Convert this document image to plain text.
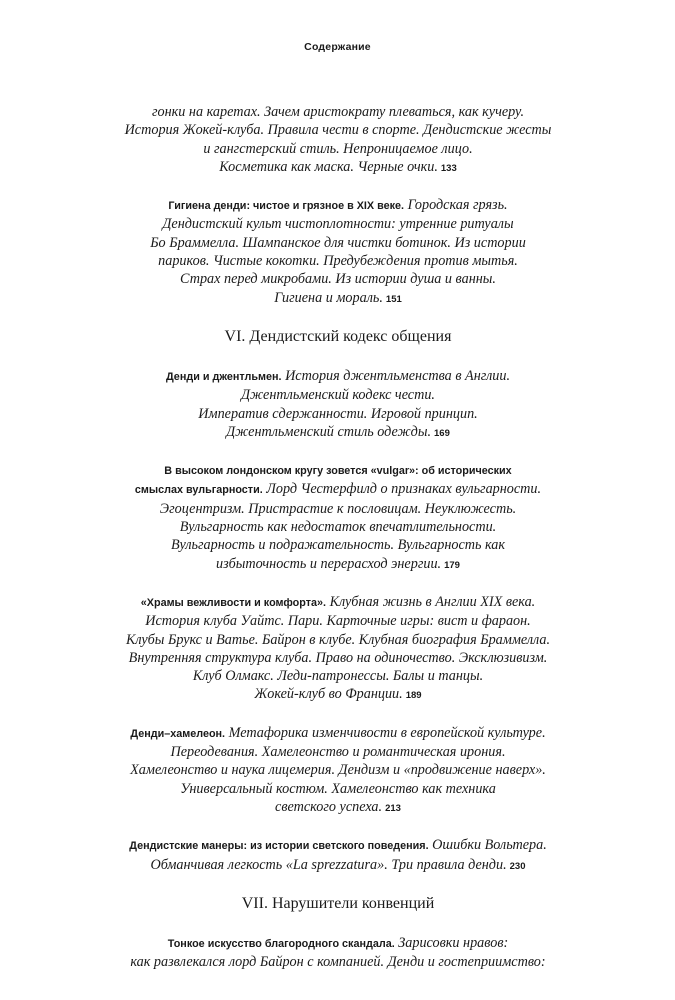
Содержание
гонки на каретах. Зачем аристократу плеваться, как кучеру.
История Жокей-клуба. Правила чести в спорте. Дендистские жесты
и гангстерский стиль. Непроницаемое лицо.
Косметика как маска. Черные очки. 133
Гигиена денди: чистое и грязное в XIX веке. Городская грязь.
Дендистский культ чистоплотности: утренние ритуалы
Бо Браммелла. Шампанское для чистки ботинок. Из истории
париков. Чистые кокотки. Предубеждения против мытья.
Страх перед микробами. Из истории душа и ванны.
Гигиена и мораль. 151
VI. Дендистский кодекс общения
Денди и джентльмен. История джентльменства в Англии.
Джентльменский кодекс чести.
Императив сдержанности. Игровой принцип.
Джентльменский стиль одежды. 169
В высоком лондонском кругу зовется «vulgar»: об исторических
смыслах вульгарности. Лорд Честерфилд о признаках вульгарности.
Эгоцентризм. Пристрастие к пословицам. Неуклюжесть.
Вульгарность как недостаток впечатлительности.
Вульгарность и подражательность. Вульгарность как
избыточность и перерасход энергии. 179
«Храмы вежливости и комфорта». Клубная жизнь в Англии XIX века.
История клуба Уайтс. Пари. Карточные игры: вист и фараон.
Клубы Брукс и Ватье. Байрон в клубе. Клубная биография Браммелла.
Внутренняя структура клуба. Право на одиночество. Эксклюзивизм.
Клуб Олмакс. Леди-патронессы. Балы и танцы.
Жокей-клуб во Франции. 189
Денди–хамелеон. Метафорика изменчивости в европейской культуре.
Переодевания. Хамелеонство и романтическая ирония.
Хамелеонство и наука лицемерия. Дендизм и «продвижение наверх».
Универсальный костюм. Хамелеонство как техника
светского успеха. 213
Дендистские манеры: из истории светского поведения. Ошибки Вольтера.
Обманчивая легкость «La sprezzatura». Три правила денди. 230
VII. Нарушители конвенций
Тонкое искусство благородного скандала. Зарисовки нравов:
как развлекался лорд Байрон с компанией. Денди и гостеприимство:
